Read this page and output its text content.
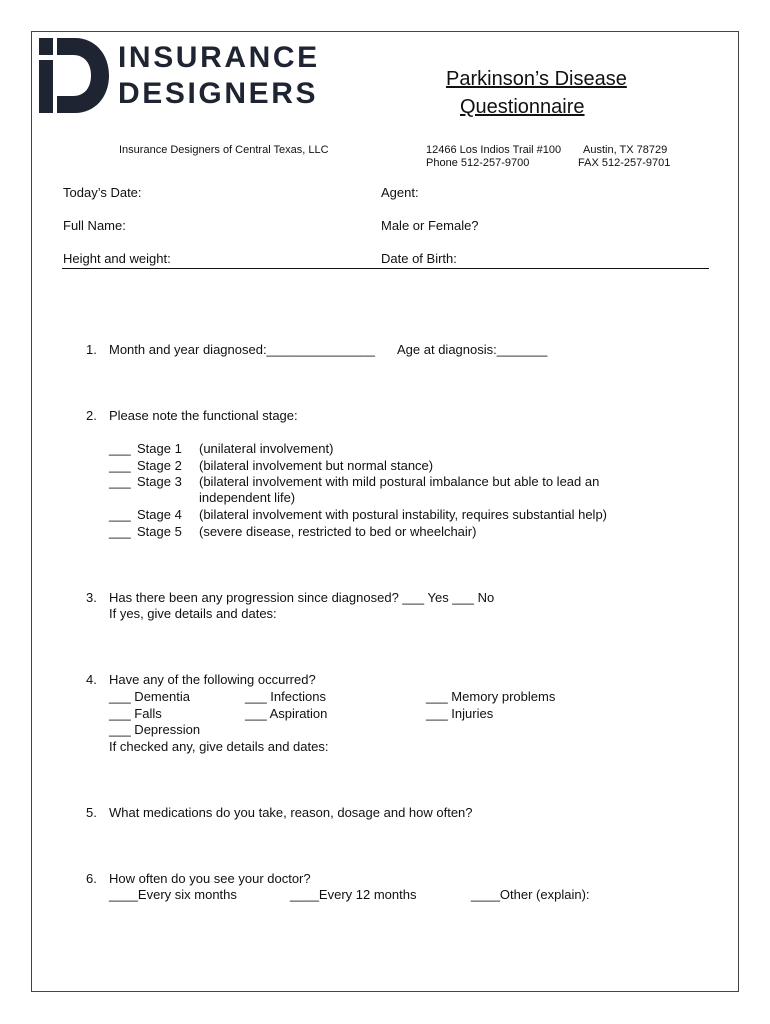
INSURANCE
DESIGNERS	Parkinson’s Disease
Questionnaire
Insurance Designers of Central Texas, LLC	12466 Los Indios Trail #100 Austin, TX 78729
Phone 512-257-9700	FAX 512-257-9701
Today’s Date:	Agent:
Full Name:	Male or Female?
Height and weight:	Date of Birth:
1. Month and year diagnosed:_______________ Age at diagnosis:_______
2. Please note the functional stage:
___ Stage 1 (unilateral involvement)
___ Stage 2 (bilateral involvement but normal stance)
___ Stage 3 (bilateral involvement with mild postural imbalance but able to lead an
independent life)
___ Stage 4 (bilateral involvement with postural instability, requires substantial help)
___ Stage 5 (severe disease, restricted to bed or wheelchair)
3. Has there been any progression since diagnosed? ___ Yes ___ No
If yes, give details and dates:
4. Have any of the following occurred?
___ Dementia	___ Infections	___ Memory problems
___ Falls	___ Aspiration	___ Injuries
___ Depression
If checked any, give details and dates:
5. What medications do you take, reason, dosage and how often?
6. How often do you see your doctor?
____Every six months	____Every 12 months	____Other (explain):
